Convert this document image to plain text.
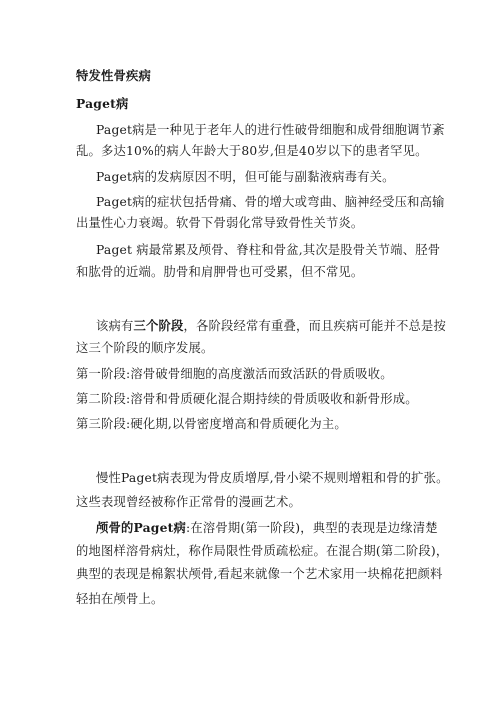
特发性骨疾病

Paget病

Paget病是一种见于老年人的进行性破骨细胞和成骨细胞调节紊

乱。多达10%的病人年龄大于80岁,但是40岁以下的患者罕见。

Paget病的发病原因不明，但可能与副黏液病毒有关。

Paget病的症状包括骨痛、骨的增大或弯曲、脑神经受压和高输

出量性心力衰竭。软骨下骨弱化常导致骨性关节炎。

Paget 病最常累及颅骨、脊柱和骨盆,其次是股骨关节端、胫骨

和肱骨的近端。肋骨和肩胛骨也可受累，但不常见。

该病有三个阶段，各阶段经常有重叠，而且疾病可能并不总是按

这三个阶段的顺序发展。

第一阶段:溶骨破骨细胞的高度激活而致活跃的骨质吸收。

第二阶段:溶骨和骨质硬化混合期持续的骨质吸收和新骨形成。

第三阶段:硬化期,以骨密度增高和骨质硬化为主。

慢性Paget病表现为骨皮质增厚,骨小梁不规则增粗和骨的扩张。

这些表现曾经被称作正常骨的漫画艺术。

颅骨的Paget病:在溶骨期(第一阶段)，典型的表现是边缘清楚

的地图样溶骨病灶，称作局限性骨质疏松症。在混合期(第二阶段)，

典型的表现是棉絮状颅骨,看起来就像一个艺术家用一块棉花把颜料

轻拍在颅骨上。
